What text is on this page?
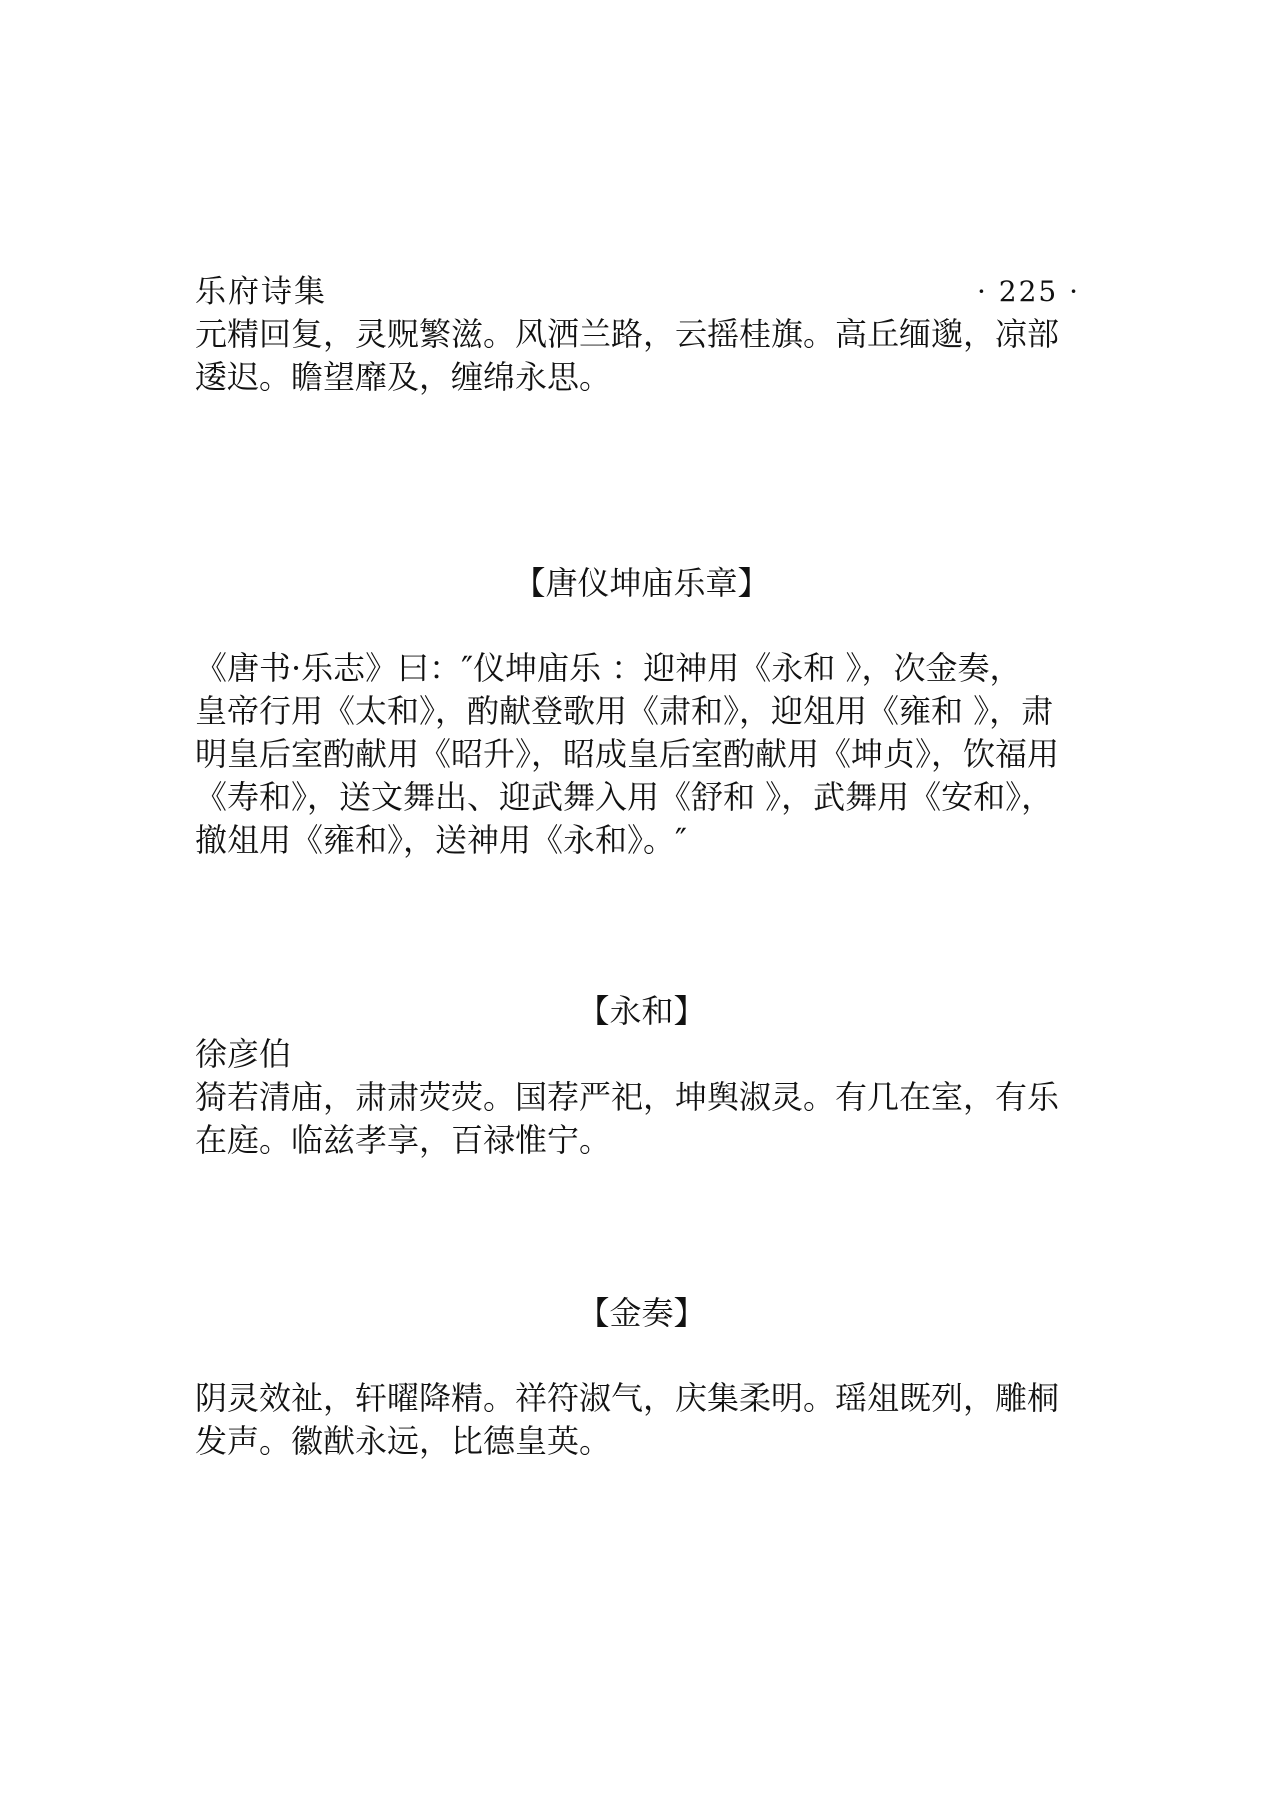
乐府诗集	· 225 ·

元精回复，灵贶繁滋。风洒兰路，云摇桂旗。高丘缅邈，凉部

逶迟。瞻望靡及，缠绵永思。

【唐仪坤庙乐章】

《唐书·乐志》曰：″仪坤庙乐 ：迎神用《永和 》，次金奏，

皇帝行用《太和》，酌献登歌用《肃和》，迎俎用《雍和 》，肃

明皇后室酌献用《昭升》，昭成皇后室酌献用《坤贞》，饮福用

《寿和》，送文舞出、迎武舞入用《舒和 》，武舞用《安和》，

撤俎用《雍和》，送神用《永和》。″

【永和】

徐彦伯

猗若清庙，肃肃荧荧。国荐严祀，坤舆淑灵。有几在室，有乐

在庭。临兹孝享，百禄惟宁。

【金奏】

阴灵效祉，轩曜降精。祥符淑气，庆集柔明。瑶俎既列，雕桐

发声。徽猷永远，比德皇英。
